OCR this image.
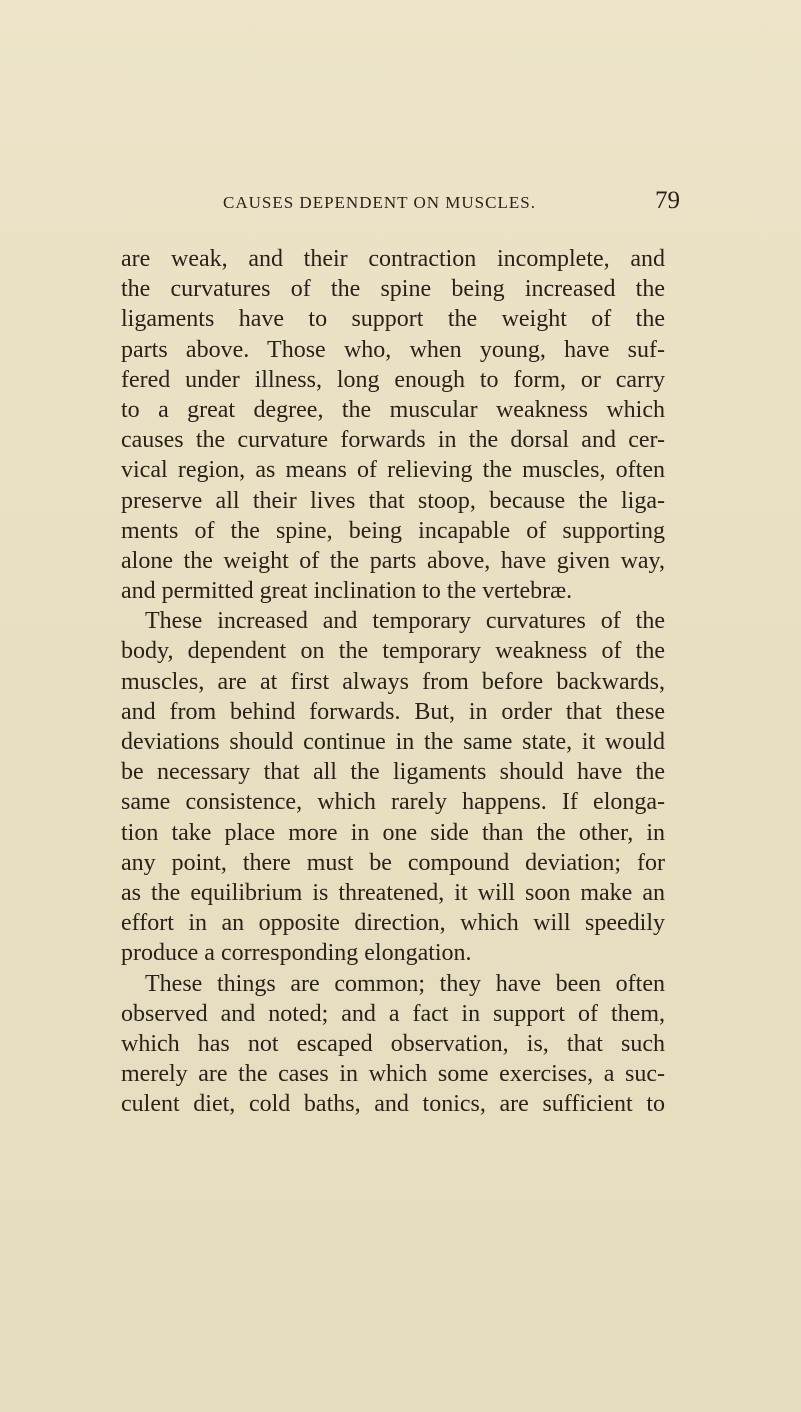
CAUSES DEPENDENT ON MUSCLES.	79
are weak, and their contraction incomplete, and
the curvatures of the spine being increased the
ligaments have to support the weight of the
parts above. Those who, when young, have suf-
fered under illness, long enough to form, or carry
to a great degree, the muscular weakness which
causes the curvature forwards in the dorsal and cer-
vical region, as means of relieving the muscles, often
preserve all their lives that stoop, because the liga-
ments of the spine, being incapable of supporting
alone the weight of the parts above, have given way,
and permitted great inclination to the vertebræ.
These increased and temporary curvatures of the
body, dependent on the temporary weakness of the
muscles, are at first always from before backwards,
and from behind forwards. But, in order that these
deviations should continue in the same state, it would
be necessary that all the ligaments should have the
same consistence, which rarely happens. If elonga-
tion take place more in one side than the other, in
any point, there must be compound deviation; for
as the equilibrium is threatened, it will soon make an
effort in an opposite direction, which will speedily
produce a corresponding elongation.
These things are common; they have been often
observed and noted; and a fact in support of them,
which has not escaped observation, is, that such
merely are the cases in which some exercises, a suc-
culent diet, cold baths, and tonics, are sufficient to
